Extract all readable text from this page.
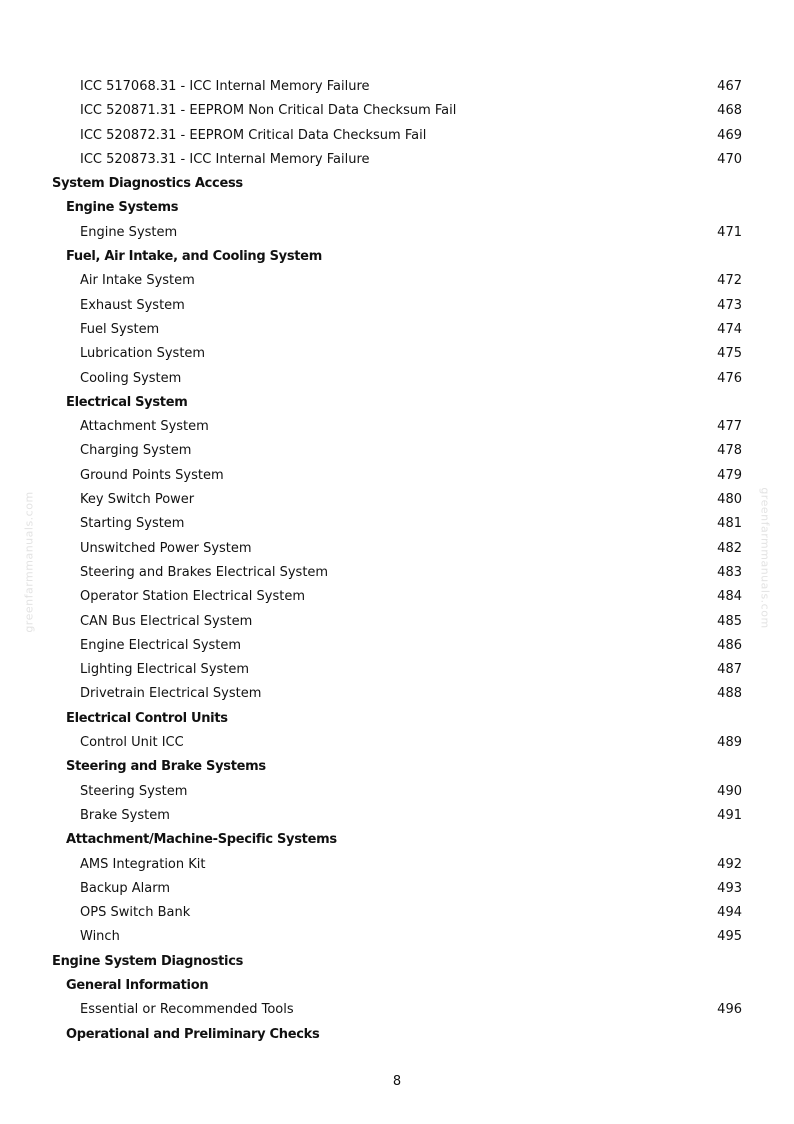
ICC 517068.31 - ICC Internal Memory Failure	467
ICC 520871.31 - EEPROM Non Critical Data Checksum Fail	468
ICC 520872.31 - EEPROM Critical Data Checksum Fail	469
ICC 520873.31 - ICC Internal Memory Failure	470
System Diagnostics Access
Engine Systems
Engine System	471
Fuel, Air Intake, and Cooling System
Air Intake System	472
Exhaust System	473
Fuel System	474
Lubrication System	475
Cooling System	476
Electrical System
Attachment System	477
Charging System	478
Ground Points System	479
Key Switch Power	480
Starting System	481
Unswitched Power System	482
Steering and Brakes Electrical System	483
Operator Station Electrical System	484
CAN Bus Electrical System	485
Engine Electrical System	486
Lighting Electrical System	487
Drivetrain Electrical System	488
Electrical Control Units
Control Unit ICC	489
Steering and Brake Systems
Steering System	490
Brake System	491
Attachment/Machine-Specific Systems
AMS Integration Kit	492
Backup Alarm	493
OPS Switch Bank	494
Winch	495
Engine System Diagnostics
General Information
Essential or Recommended Tools	496
Operational and Preliminary Checks
8
greenfarmmanuals.com	greenfarmmanuals.com
